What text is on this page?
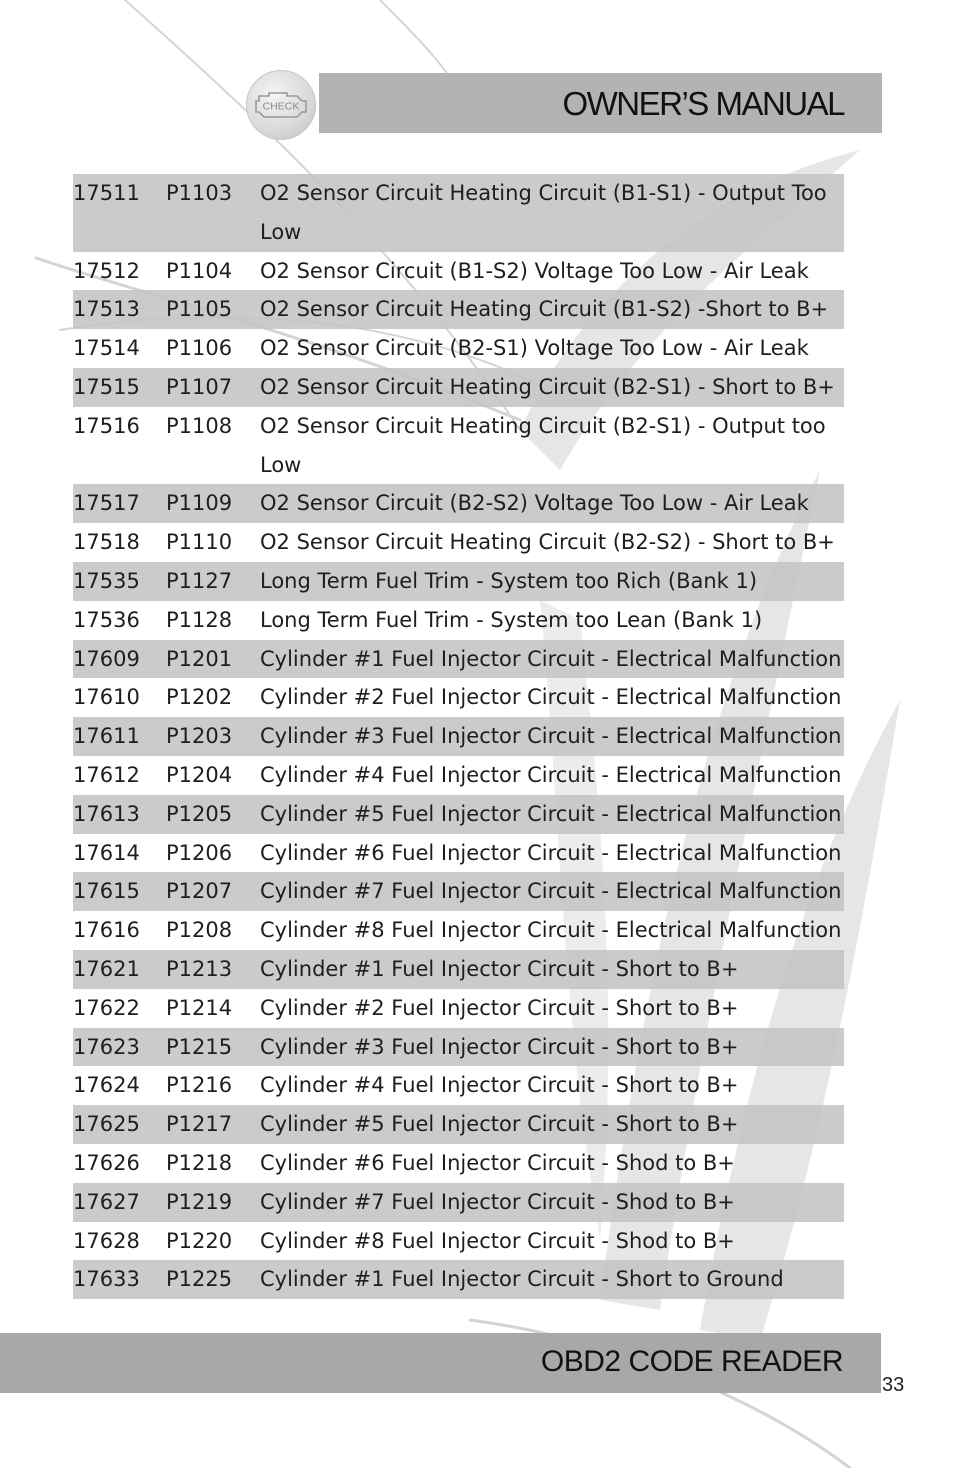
OWNER’S MANUAL
CHECK
17511	P1103	O2 Sensor Circuit Heating Circuit (B1-S1) - Output Too
Low
17512	P1104	O2 Sensor Circuit (B1-S2) Voltage Too Low - Air Leak
17513	P1105	O2 Sensor Circuit Heating Circuit (B1-S2) -Short to B+
17514	P1106	O2 Sensor Circuit (B2-S1) Voltage Too Low - Air Leak
17515	P1107	O2 Sensor Circuit Heating Circuit (B2-S1) - Short to B+
17516	P1108	O2 Sensor Circuit Heating Circuit (B2-S1) - Output too
Low
17517	P1109	O2 Sensor Circuit (B2-S2) Voltage Too Low - Air Leak
17518	P1110	O2 Sensor Circuit Heating Circuit (B2-S2) - Short to B+
17535	P1127	Long Term Fuel Trim - System too Rich (Bank 1)
17536	P1128	Long Term Fuel Trim - System too Lean (Bank 1)
17609	P1201	Cylinder #1 Fuel Injector Circuit - Electrical Malfunction
17610	P1202	Cylinder #2 Fuel Injector Circuit - Electrical Malfunction
17611	P1203	Cylinder #3 Fuel Injector Circuit - Electrical Malfunction
17612	P1204	Cylinder #4 Fuel Injector Circuit - Electrical Malfunction
17613	P1205	Cylinder #5 Fuel Injector Circuit - Electrical Malfunction
17614	P1206	Cylinder #6 Fuel Injector Circuit - Electrical Malfunction
17615	P1207	Cylinder #7 Fuel Injector Circuit - Electrical Malfunction
17616	P1208	Cylinder #8 Fuel Injector Circuit - Electrical Malfunction
17621	P1213	Cylinder #1 Fuel Injector Circuit - Short to B+
17622	P1214	Cylinder #2 Fuel Injector Circuit - Short to B+
17623	P1215	Cylinder #3 Fuel Injector Circuit - Short to B+
17624	P1216	Cylinder #4 Fuel Injector Circuit - Short to B+
17625	P1217	Cylinder #5 Fuel Injector Circuit - Short to B+
17626	P1218	Cylinder #6 Fuel Injector Circuit - Shod to B+
17627	P1219	Cylinder #7 Fuel Injector Circuit - Shod to B+
17628	P1220	Cylinder #8 Fuel Injector Circuit - Shod to B+
17633	P1225	Cylinder #1 Fuel Injector Circuit - Short to Ground
OBD2 CODE READER
33
